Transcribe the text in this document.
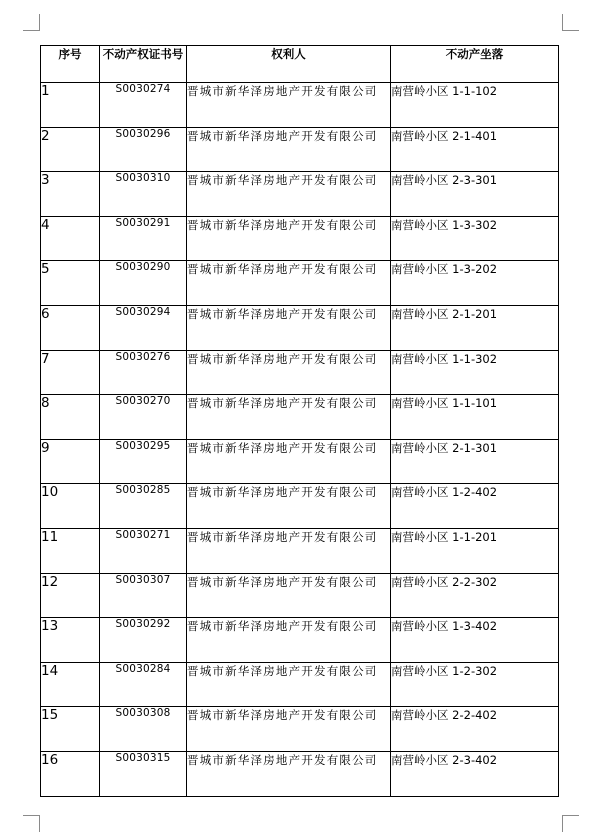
序号	不动产权证书号	权利人	不动产坐落
1	S0030274	晋城市新华泽房地产开发有限公司	南营岭小区 1-1-102
2	S0030296	晋城市新华泽房地产开发有限公司	南营岭小区 2-1-401
3	S0030310	晋城市新华泽房地产开发有限公司	南营岭小区 2-3-301
4	S0030291	晋城市新华泽房地产开发有限公司	南营岭小区 1-3-302
5	S0030290	晋城市新华泽房地产开发有限公司	南营岭小区 1-3-202
6	S0030294	晋城市新华泽房地产开发有限公司	南营岭小区 2-1-201
7	S0030276	晋城市新华泽房地产开发有限公司	南营岭小区 1-1-302
8	S0030270	晋城市新华泽房地产开发有限公司	南营岭小区 1-1-101
9	S0030295	晋城市新华泽房地产开发有限公司	南营岭小区 2-1-301
10	S0030285	晋城市新华泽房地产开发有限公司	南营岭小区 1-2-402
11	S0030271	晋城市新华泽房地产开发有限公司	南营岭小区 1-1-201
12	S0030307	晋城市新华泽房地产开发有限公司	南营岭小区 2-2-302
13	S0030292	晋城市新华泽房地产开发有限公司	南营岭小区 1-3-402
14	S0030284	晋城市新华泽房地产开发有限公司	南营岭小区 1-2-302
15	S0030308	晋城市新华泽房地产开发有限公司	南营岭小区 2-2-402
16	S0030315	晋城市新华泽房地产开发有限公司	南营岭小区 2-3-402
